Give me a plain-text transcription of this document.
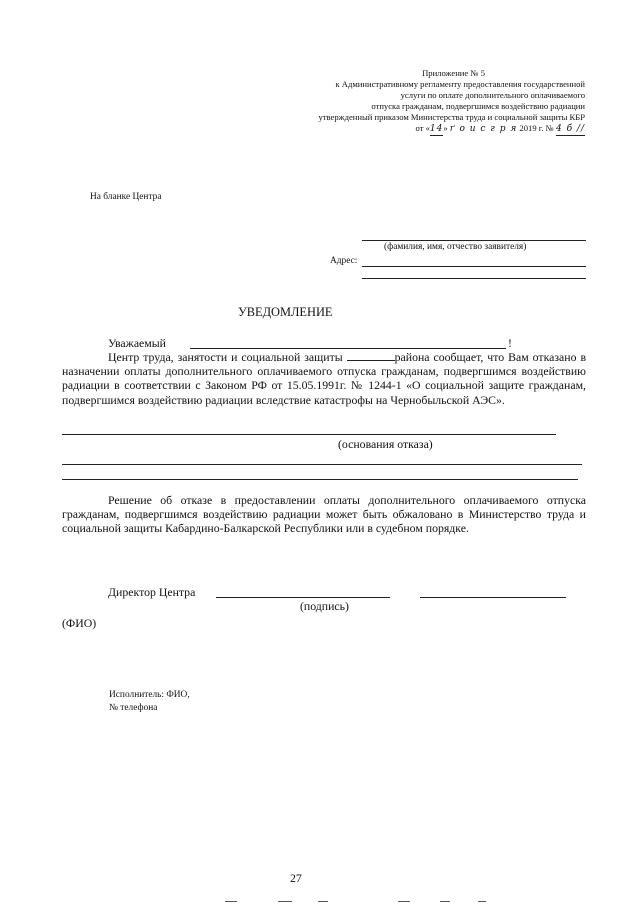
Приложение № 5
к Административному регламенту предоставления государственной
услуги по оплате дополнительного оплачиваемого
отпуска гражданам, подвергшимся воздействию радиации
утвержденный приказом Министерства труда и социальной защиты КБР
от «14» ґ о и с г р я 2019 г. № 4 б //
На бланке Центра
(фамилия, имя, отчество заявителя)
Адрес:
УВЕДОМЛЕНИЕ
Уважаемый	!

Центр труда, занятости и социальной защиты	района сообщает, что Вам отказано в назначении оплаты дополнительного оплачиваемого отпуска гражданам, подвергшимся воздействию радиации в соответствии с Законом РФ от 15.05.1991г. № 1244-1 «О социальной защите гражданам, подвергшимся воздействию радиации вследствие катастрофы на Чернобыльской АЭС».

(основания отказа)

Решение об отказе в предоставлении оплаты дополнительного оплачиваемого отпуска гражданам, подвергшимся воздействию радиации может быть обжаловано в Министерство труда и социальной защиты Кабардино-Балкарской Республики или в судебном порядке.

Директор Центра
(подпись)
(ФИО)
Исполнитель: ФИО,
№ телефона
27
